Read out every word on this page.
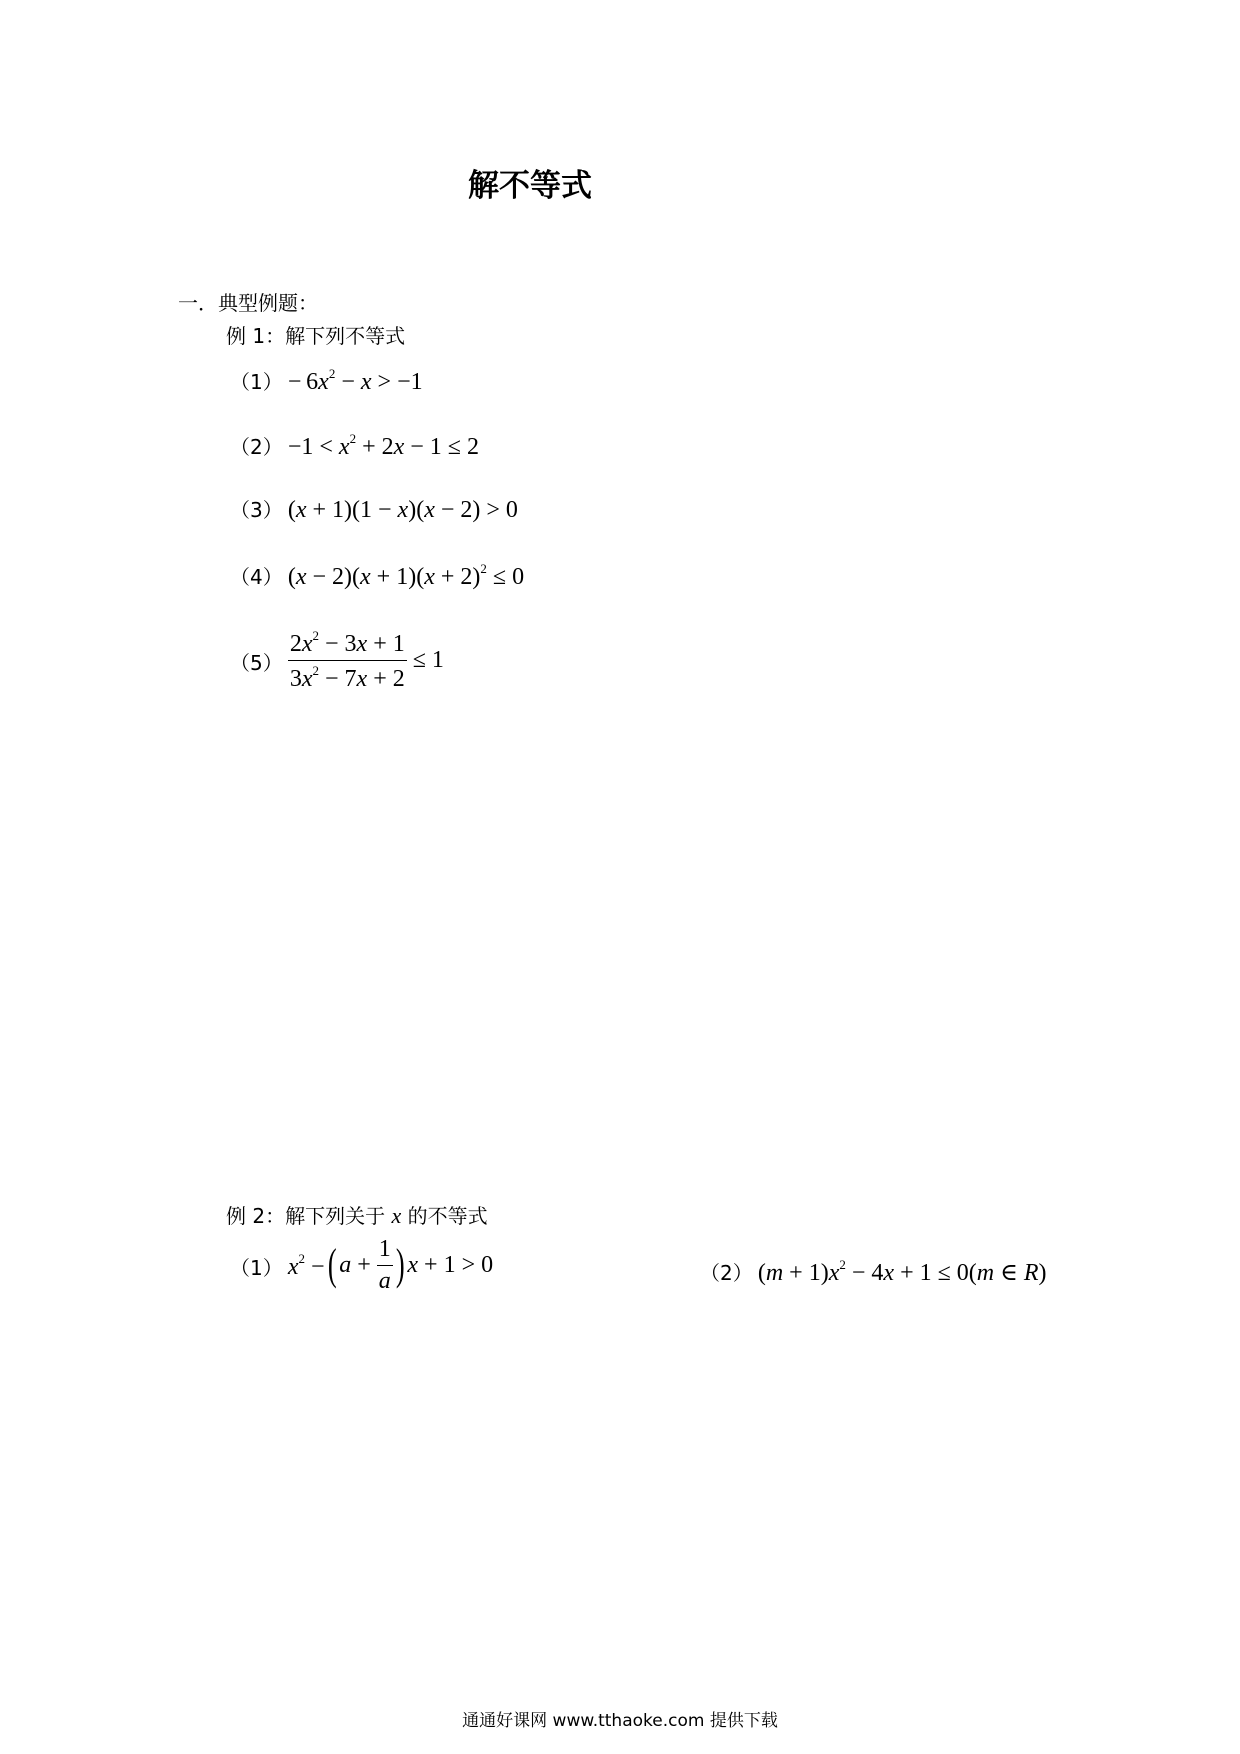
解不等式
一．典型例题：
例 1：解下列不等式
$(1) - 6x^2 - x > -1$
$(2) -1 < x^2 + 2x - 1 \le 2$
（3） (x + 1)(1 − x)(x − 2) > 0
（4） $(x - 2)(x + 1)(x + 2)^2 \le 0$
$(5) \frac{2x^2 - 3x + 1}{3x^2 - 7x + 2} \le 1$
例 2：解下列关于 x 的不等式
（1） $x^2$ −( $a + \frac{1}{a}$ ) x + 1 > 0	（2） $(m + 1)x^2 - 4x + 1 \le 0(m$ ∈ R)
通通好课网 www.tthaoke.com 提供下载
